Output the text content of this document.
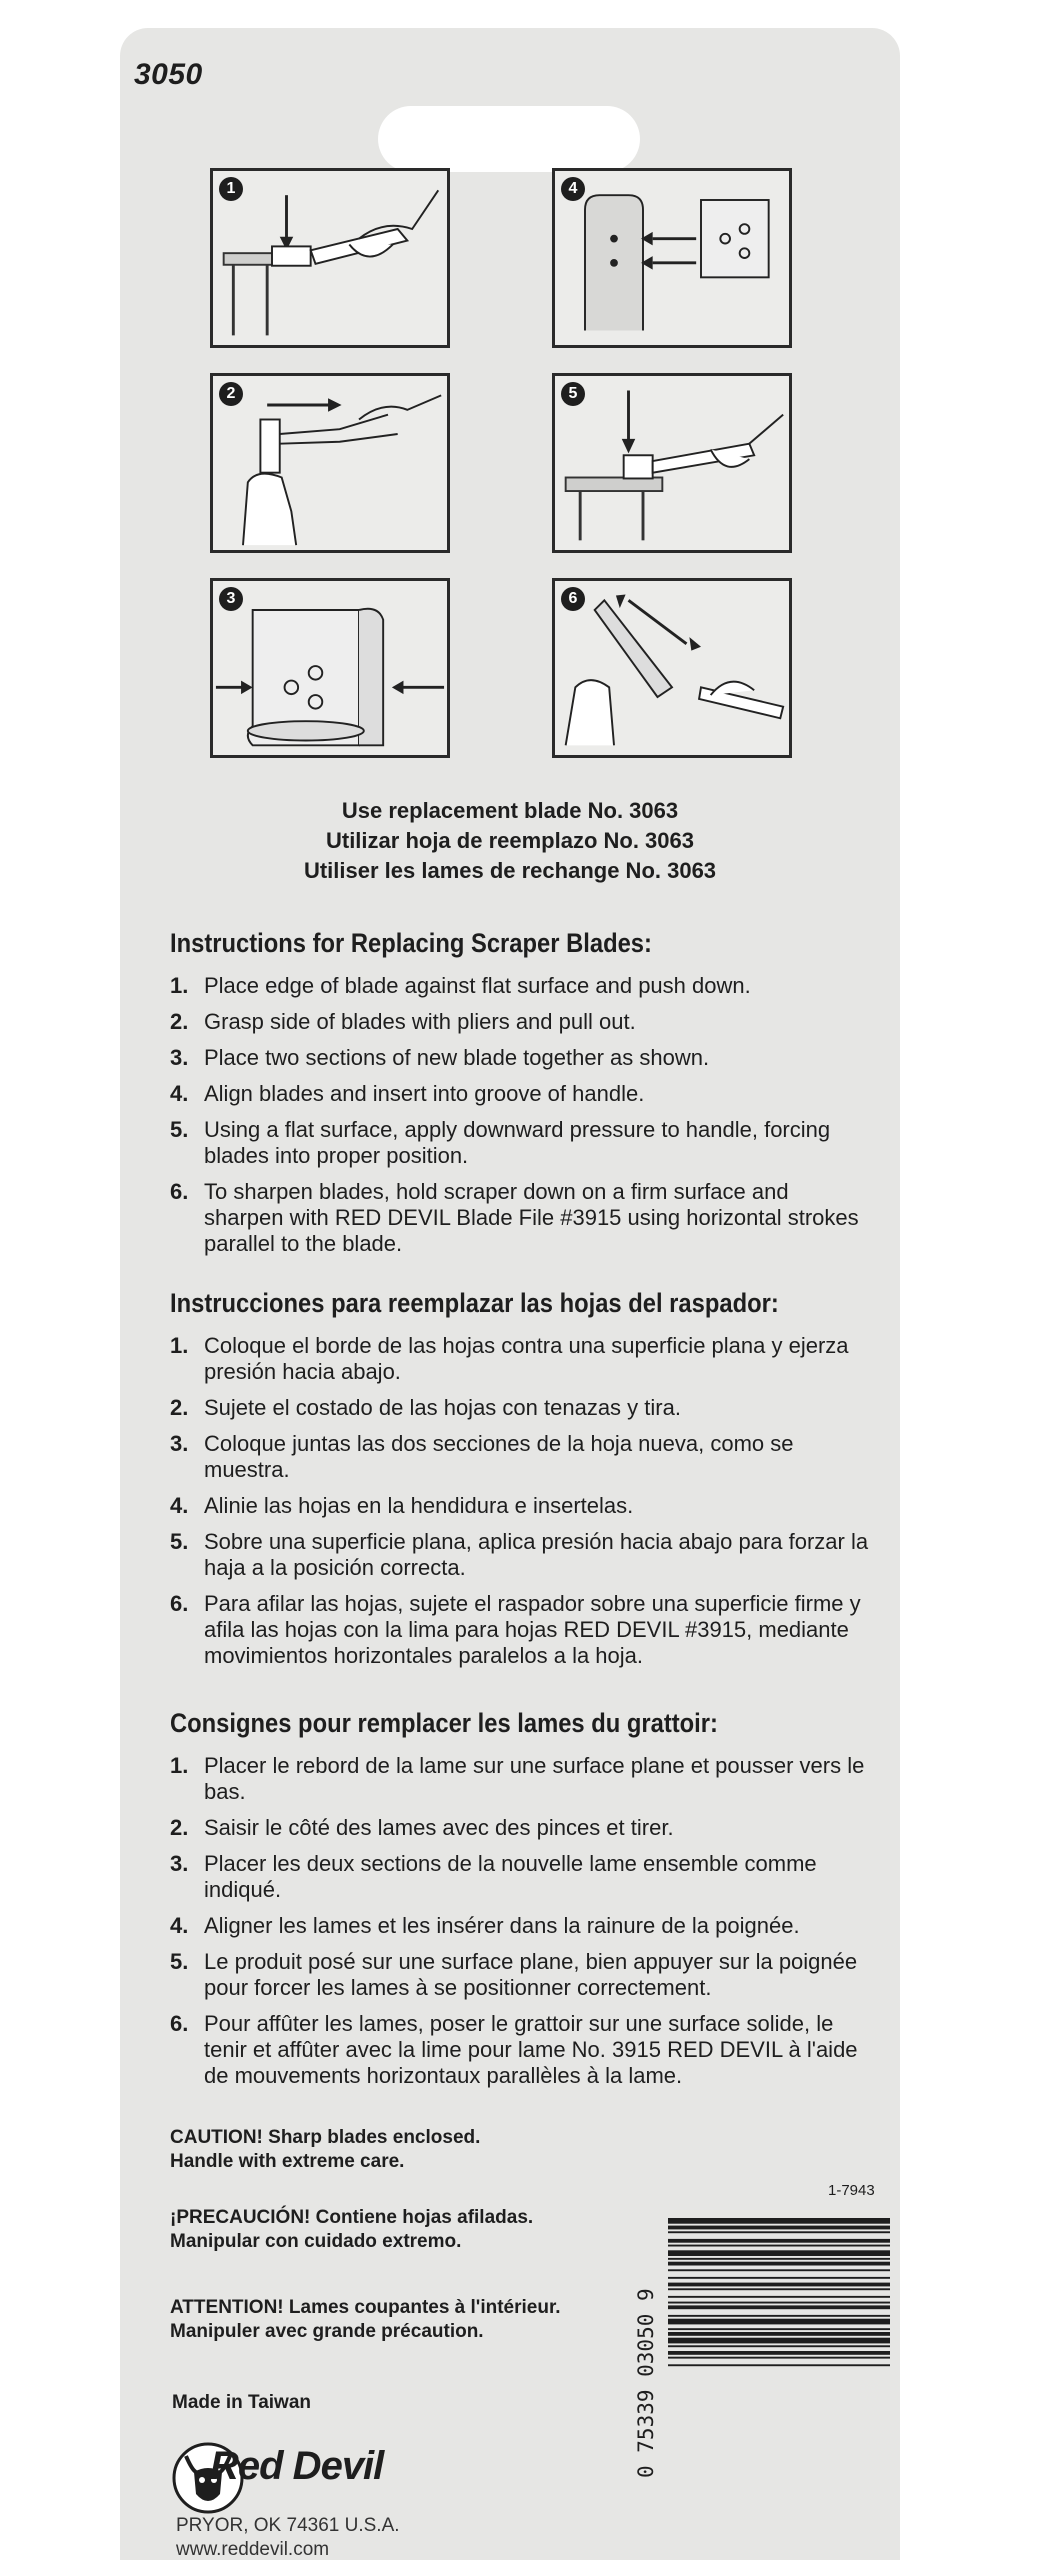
3050
1	4
2	5
3	6
Use replacement blade No. 3063
Utilizar hoja de reemplazo No. 3063
Utiliser les lames de rechange No. 3063
Instructions for Replacing Scraper Blades:
1. Place edge of blade against flat surface and push down.
2. Grasp side of blades with pliers and pull out.
3. Place two sections of new blade together as shown.
4. Align blades and insert into groove of handle.
5. Using a flat surface, apply downward pressure to handle, forcing blades into proper position.
6. To sharpen blades, hold scraper down on a firm surface and sharpen with RED DEVIL Blade File #3915 using horizontal strokes parallel to the blade.
Instrucciones para reemplazar las hojas del raspador:
1. Coloque el borde de las hojas contra una superficie plana y ejerza presión hacia abajo.
2. Sujete el costado de las hojas con tenazas y tira.
3. Coloque juntas las dos secciones de la hoja nueva, como se muestra.
4. Alinie las hojas en la hendidura e insertelas.
5. Sobre una superficie plana, aplica presión hacia abajo para forzar la haja a la posición correcta.
6. Para afilar las hojas, sujete el raspador sobre una superficie firme y afila las hojas con la lima para hojas RED DEVIL #3915, mediante movimientos horizontales paralelos a la hoja.
Consignes pour remplacer les lames du grattoir:
1. Placer le rebord de la lame sur une surface plane et pousser vers le bas.
2. Saisir le côté des lames avec des pinces et tirer.
3. Placer les deux sections de la nouvelle lame ensemble comme indiqué.
4. Aligner les lames et les insérer dans la rainure de la poignée.
5. Le produit posé sur une surface plane, bien appuyer sur la poignée pour forcer les lames à se positionner correctement.
6. Pour affûter les lames, poser le grattoir sur une surface solide, le tenir et affûter avec la lime pour lame No. 3915 RED DEVIL à l'aide de mouvements horizontaux parallèles à la lame.
CAUTION! Sharp blades enclosed.
Handle with extreme care.
¡PRECAUCIÓN! Contiene hojas afiladas.
Manipular con cuidado extremo.
ATTENTION! Lames coupantes à l'intérieur.
Manipuler avec grande précaution.
1-7943
0 75339 03050 9
Made in Taiwan
Red Devil
PRYOR, OK 74361 U.S.A.
www.reddevil.com
